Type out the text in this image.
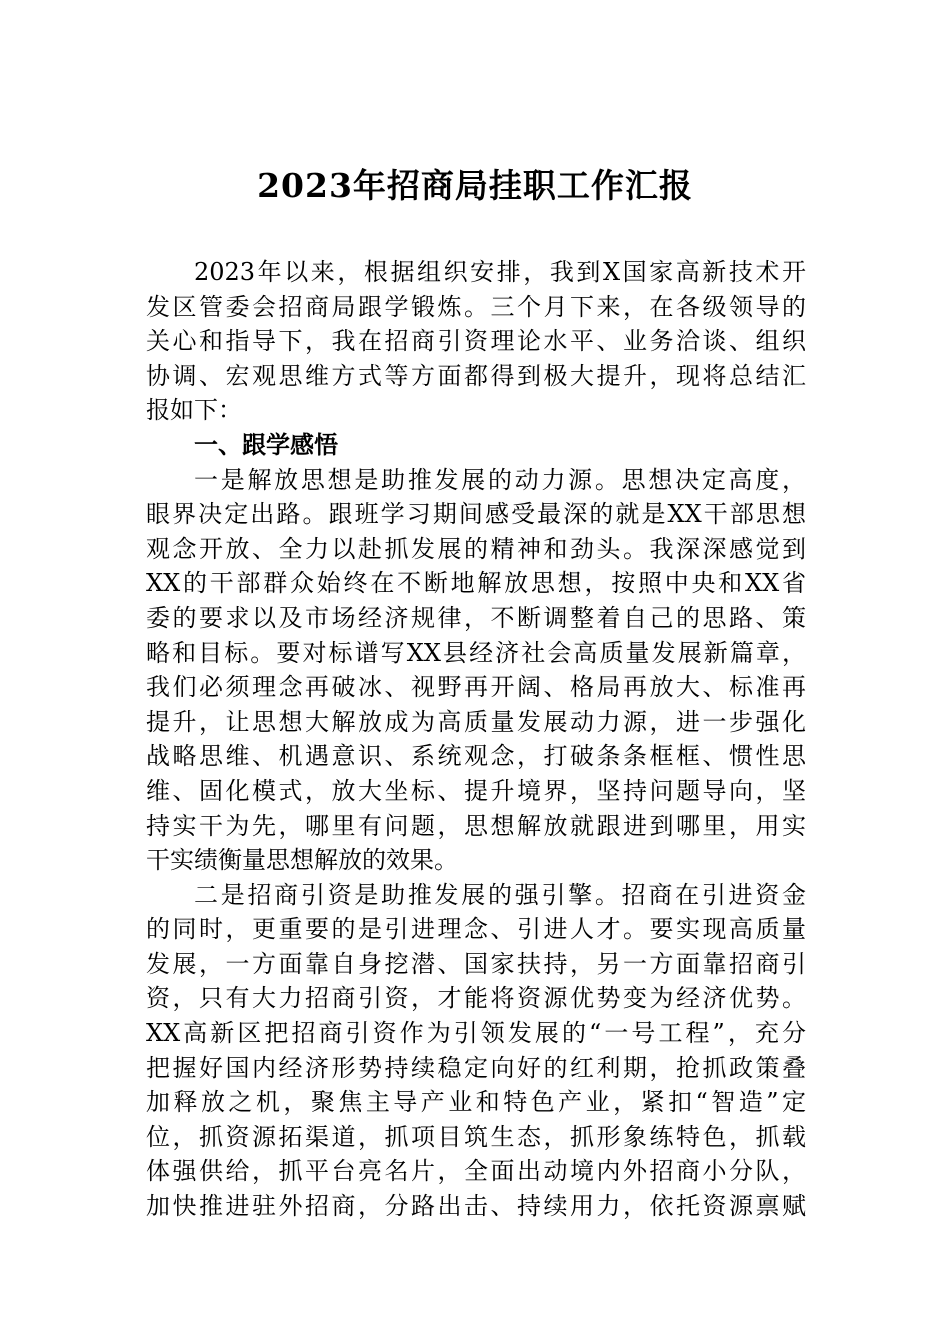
2023年招商局挂职工作汇报
2023年以来，根据组织安排，我到X国家高新技术开
发区管委会招商局跟学锻炼。三个月下来，在各级领导的
关心和指导下，我在招商引资理论水平、业务洽谈、组织
协调、宏观思维方式等方面都得到极大提升，现将总结汇
报如下：
一、跟学感悟
一是解放思想是助推发展的动力源。思想决定高度，
眼界决定出路。跟班学习期间感受最深的就是XX干部思想
观念开放、全力以赴抓发展的精神和劲头。我深深感觉到
XX的干部群众始终在不断地解放思想，按照中央和XX省
委的要求以及市场经济规律，不断调整着自己的思路、策
略和目标。要对标谱写XX县经济社会高质量发展新篇章，
我们必须理念再破冰、视野再开阔、格局再放大、标准再
提升，让思想大解放成为高质量发展动力源，进一步强化
战略思维、机遇意识、系统观念，打破条条框框、惯性思
维、固化模式，放大坐标、提升境界，坚持问题导向，坚
持实干为先，哪里有问题，思想解放就跟进到哪里，用实
干实绩衡量思想解放的效果。
二是招商引资是助推发展的强引擎。招商在引进资金
的同时，更重要的是引进理念、引进人才。要实现高质量
发展，一方面靠自身挖潜、国家扶持，另一方面靠招商引
资，只有大力招商引资，才能将资源优势变为经济优势。
XX高新区把招商引资作为引领发展的“一号工程”，充分
把握好国内经济形势持续稳定向好的红利期，抢抓政策叠
加释放之机，聚焦主导产业和特色产业，紧扣“智造”定
位，抓资源拓渠道，抓项目筑生态，抓形象练特色，抓载
体强供给，抓平台亮名片，全面出动境内外招商小分队，
加快推进驻外招商，分路出击、持续用力，依托资源禀赋
